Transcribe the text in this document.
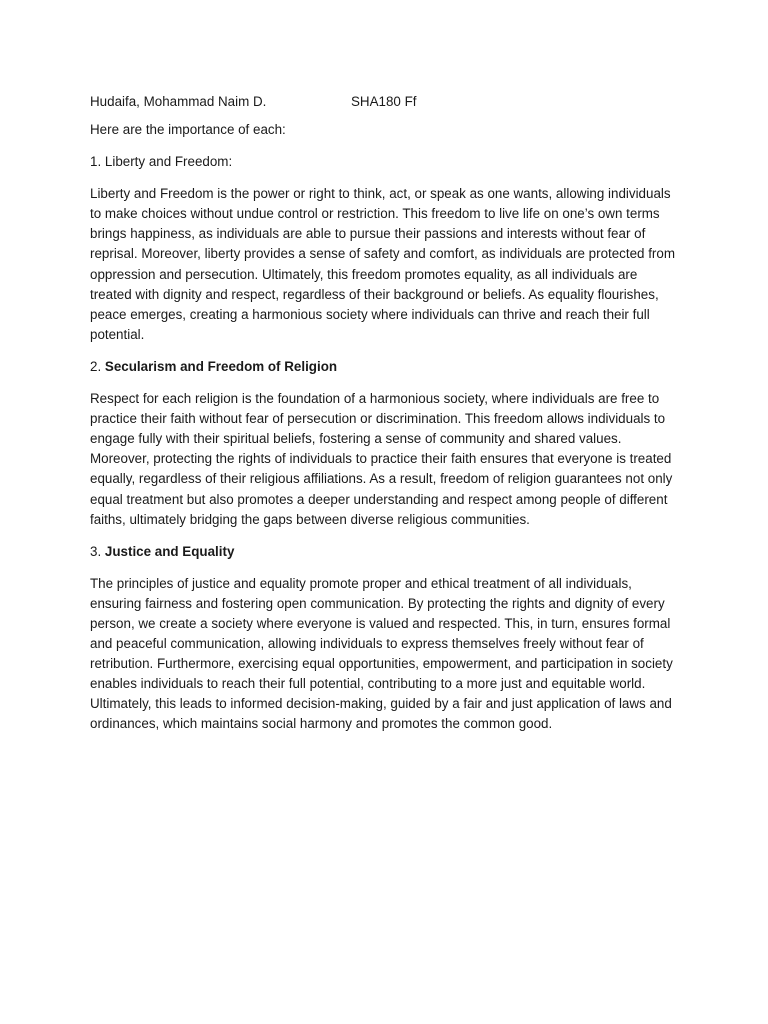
Hudaifa, Mohammad Naim D.	SHA180 Ff

Here are the importance of each:

1. Liberty and Freedom:

Liberty and Freedom is the power or right to think, act, or speak as one wants, allowing individuals to make choices without undue control or restriction. This freedom to live life on one’s own terms brings happiness, as individuals are able to pursue their passions and interests without fear of reprisal. Moreover, liberty provides a sense of safety and comfort, as individuals are protected from oppression and persecution. Ultimately, this freedom promotes equality, as all individuals are treated with dignity and respect, regardless of their background or beliefs. As equality flourishes, peace emerges, creating a harmonious society where individuals can thrive and reach their full potential.

2. Secularism and Freedom of Religion

Respect for each religion is the foundation of a harmonious society, where individuals are free to practice their faith without fear of persecution or discrimination. This freedom allows individuals to engage fully with their spiritual beliefs, fostering a sense of community and shared values. Moreover, protecting the rights of individuals to practice their faith ensures that everyone is treated equally, regardless of their religious affiliations. As a result, freedom of religion guarantees not only equal treatment but also promotes a deeper understanding and respect among people of different faiths, ultimately bridging the gaps between diverse religious communities.

3. Justice and Equality

The principles of justice and equality promote proper and ethical treatment of all individuals, ensuring fairness and fostering open communication. By protecting the rights and dignity of every person, we create a society where everyone is valued and respected. This, in turn, ensures formal and peaceful communication, allowing individuals to express themselves freely without fear of retribution. Furthermore, exercising equal opportunities, empowerment, and participation in society enables individuals to reach their full potential, contributing to a more just and equitable world. Ultimately, this leads to informed decision-making, guided by a fair and just application of laws and ordinances, which maintains social harmony and promotes the common good.
